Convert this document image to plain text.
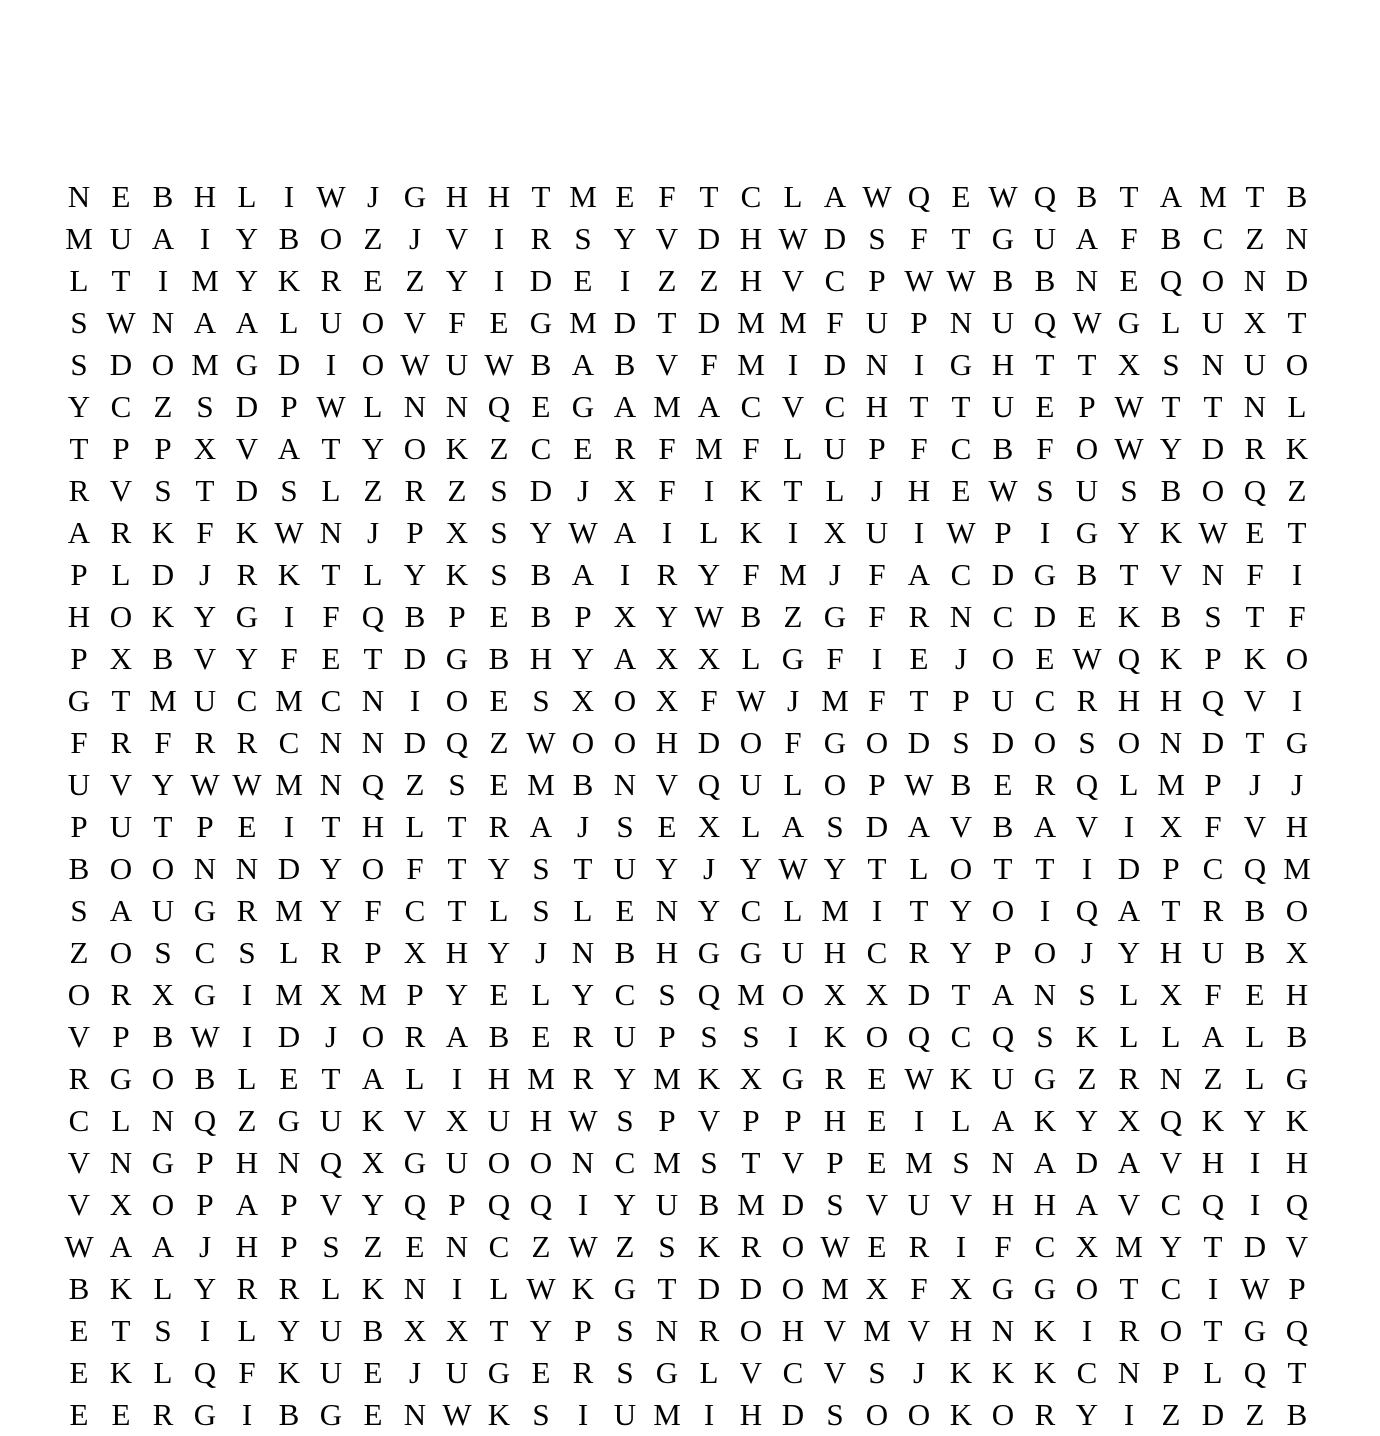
N E B H L I W J G H H T M E F T C L A W Q E W Q B T A M T B
M U A I Y B O Z J V I R S Y V D H W D S F T G U A F B C Z N
L T I M Y K R E Z Y I D E I Z Z H V C P W W B B N E Q O N D
S W N A A L U O V F E G M D T D M M F U P N U Q W G L U X T
S D O M G D I O W U W B A B V F M I D N I G H T T X S N U O
Y C Z S D P W L N N Q E G A M A C V C H T T U E P W T T N L
T P P X V A T Y O K Z C E R F M F L U P F C B F O W Y D R K
R V S T D S L Z R Z S D J X F I K T L J H E W S U S B O Q Z
A R K F K W N J P X S Y W A I L K I X U I W P I G Y K W E T
P L D J R K T L Y K S B A I R Y F M J F A C D G B T V N F I
H O K Y G I F Q B P E B P X Y W B Z G F R N C D E K B S T F
P X B V Y F E T D G B H Y A X X L G F I E J O E W Q K P K O
G T M U C M C N I O E S X O X F W J M F T P U C R H H Q V I
F R F R R C N N D Q Z W O O H D O F G O D S D O S O N D T G
U V Y W W M N Q Z S E M B N V Q U L O P W B E R Q L M P J J
P U T P E I T H L T R A J S E X L A S D A V B A V I X F V H
B O O N N D Y O F T Y S T U Y J Y W Y T L O T T I D P C Q M
S A U G R M Y F C T L S L E N Y C L M I T Y O I Q A T R B O
Z O S C S L R P X H Y J N B H G G U H C R Y P O J Y H U B X
O R X G I M X M P Y E L Y C S Q M O X X D T A N S L X F E H
V P B W I D J O R A B E R U P S S I K O Q C Q S K L L A L B
R G O B L E T A L I H M R Y M K X G R E W K U G Z R N Z L G
C L N Q Z G U K V X U H W S P V P P H E I L A K Y X Q K Y K
V N G P H N Q X G U O O N C M S T V P E M S N A D A V H I H
V X O P A P V Y Q P Q Q I Y U B M D S V U V H H A V C Q I Q
W A A J H P S Z E N C Z W Z S K R O W E R I F C X M Y T D V
B K L Y R R L K N I L W K G T D D O M X F X G G O T C I W P
E T S I L Y U B X X T Y P S N R O H V M V H N K I R O T G Q
E K L Q F K U E J U G E R S G L V C V S J K K K C N P L Q T
E E R G I B G E N W K S I U M I H D S O O K O R Y I Z D Z B
